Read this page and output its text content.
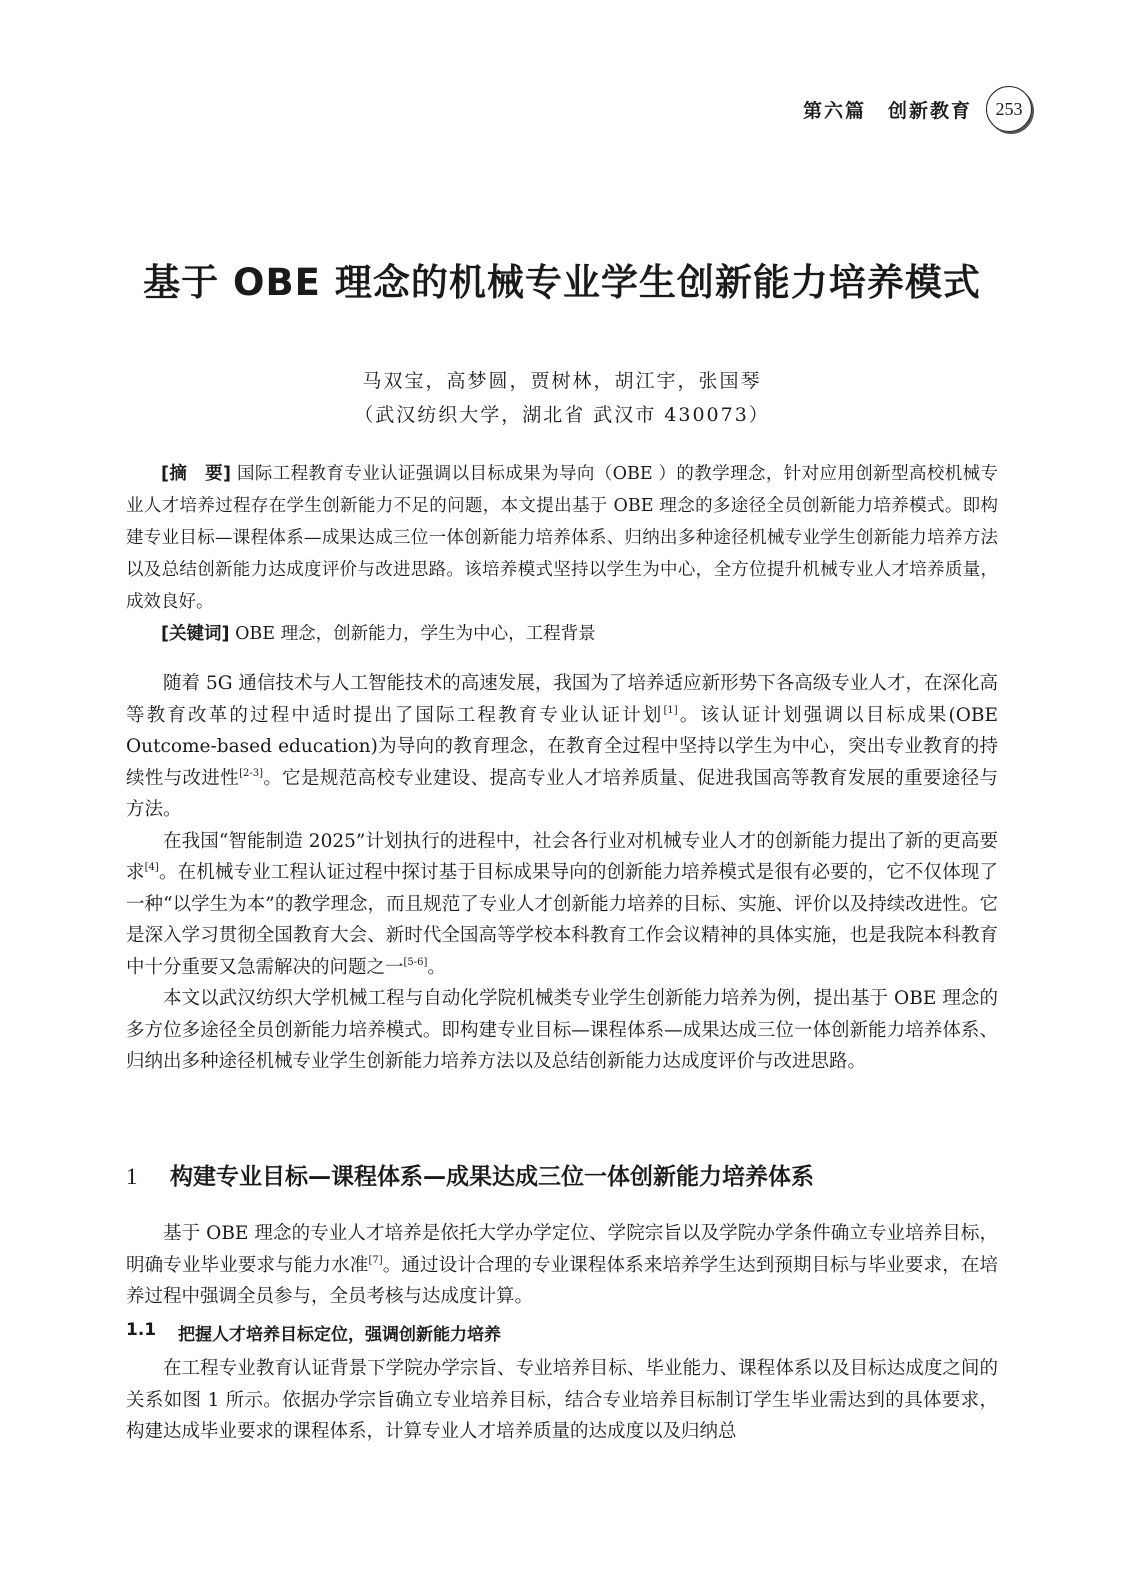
第六篇 创新教育	253
基于 OBE 理念的机械专业学生创新能力培养模式
马双宝，高梦圆，贾树林，胡江宇，张国琴
（武汉纺织大学，湖北省 武汉市 430073）

[摘　要] 国际工程教育专业认证强调以目标成果为导向（OBE ）的教学理念，针对应用创新型高校机械专业人才培养过程存在学生创新能力不足的问题，本文提出基于 OBE 理念的多途径全员创新能力培养模式。即构建专业目标—课程体系—成果达成三位一体创新能力培养体系、归纳出多种途径机械专业学生创新能力培养方法以及总结创新能力达成度评价与改进思路。该培养模式坚持以学生为中心，全方位提升机械专业人才培养质量，成效良好。

[关键词] OBE 理念，创新能力，学生为中心，工程背景

随着 5G 通信技术与人工智能技术的高速发展，我国为了培养适应新形势下各高级专业人才，在深化高等教育改革的过程中适时提出了国际工程教育专业认证计划[1]。该认证计划强调以目标成果(OBE Outcome-based education)为导向的教育理念，在教育全过程中坚持以学生为中心，突出专业教育的持续性与改进性[2-3]。它是规范高校专业建设、提高专业人才培养质量、促进我国高等教育发展的重要途径与方法。

在我国“智能制造 2025”计划执行的进程中，社会各行业对机械专业人才的创新能力提出了新的更高要求[4]。在机械专业工程认证过程中探讨基于目标成果导向的创新能力培养模式是很有必要的，它不仅体现了一种“以学生为本”的教学理念，而且规范了专业人才创新能力培养的目标、实施、评价以及持续改进性。它是深入学习贯彻全国教育大会、新时代全国高等学校本科教育工作会议精神的具体实施，也是我院本科教育中十分重要又急需解决的问题之一[5-6]。

本文以武汉纺织大学机械工程与自动化学院机械类专业学生创新能力培养为例，提出基于 OBE 理念的多方位多途径全员创新能力培养模式。即构建专业目标—课程体系—成果达成三位一体创新能力培养体系、归纳出多种途径机械专业学生创新能力培养方法以及总结创新能力达成度评价与改进思路。

1	构建专业目标—课程体系—成果达成三位一体创新能力培养体系

基于 OBE 理念的专业人才培养是依托大学办学定位、学院宗旨以及学院办学条件确立专业培养目标，明确专业毕业要求与能力水准[7]。通过设计合理的专业课程体系来培养学生达到预期目标与毕业要求，在培养过程中强调全员参与，全员考核与达成度计算。

1.1	把握人才培养目标定位，强调创新能力培养

在工程专业教育认证背景下学院办学宗旨、专业培养目标、毕业能力、课程体系以及目标达成度之间的关系如图 1 所示。依据办学宗旨确立专业培养目标，结合专业培养目标制订学生毕业需达到的具体要求，构建达成毕业要求的课程体系，计算专业人才培养质量的达成度以及归纳总
